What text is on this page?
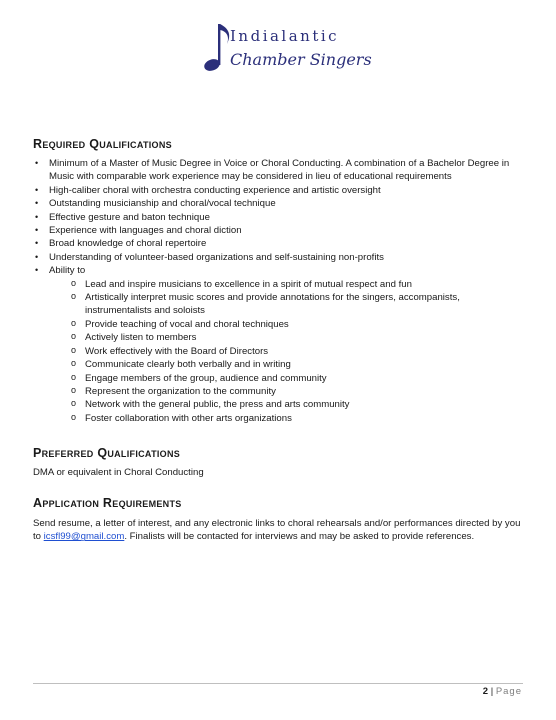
Indialantic
Chamber Singers
Required Qualifications
• Minimum of a Master of Music Degree in Voice or Choral Conducting. A combination of a Bachelor Degree in Music with comparable work experience may be considered in lieu of educational requirements
• High-caliber choral with orchestra conducting experience and artistic oversight
• Outstanding musicianship and choral/vocal technique
• Effective gesture and baton technique
• Experience with languages and choral diction
• Broad knowledge of choral repertoire
• Understanding of volunteer-based organizations and self-sustaining non-profits
• Ability to
o Lead and inspire musicians to excellence in a spirit of mutual respect and fun
o Artistically interpret music scores and provide annotations for the singers, accompanists, instrumentalists and soloists
o Provide teaching of vocal and choral techniques
o Actively listen to members
o Work effectively with the Board of Directors
o Communicate clearly both verbally and in writing
o Engage members of the group, audience and community
o Represent the organization to the community
o Network with the general public, the press and arts community
o Foster collaboration with other arts organizations
Preferred Qualifications

DMA or equivalent in Choral Conducting

Application Requirements

Send resume, a letter of interest, and any electronic links to choral rehearsals and/or performances directed by you to icsfl99@gmail.com. Finalists will be contacted for interviews and may be asked to provide references.

2 | Page
